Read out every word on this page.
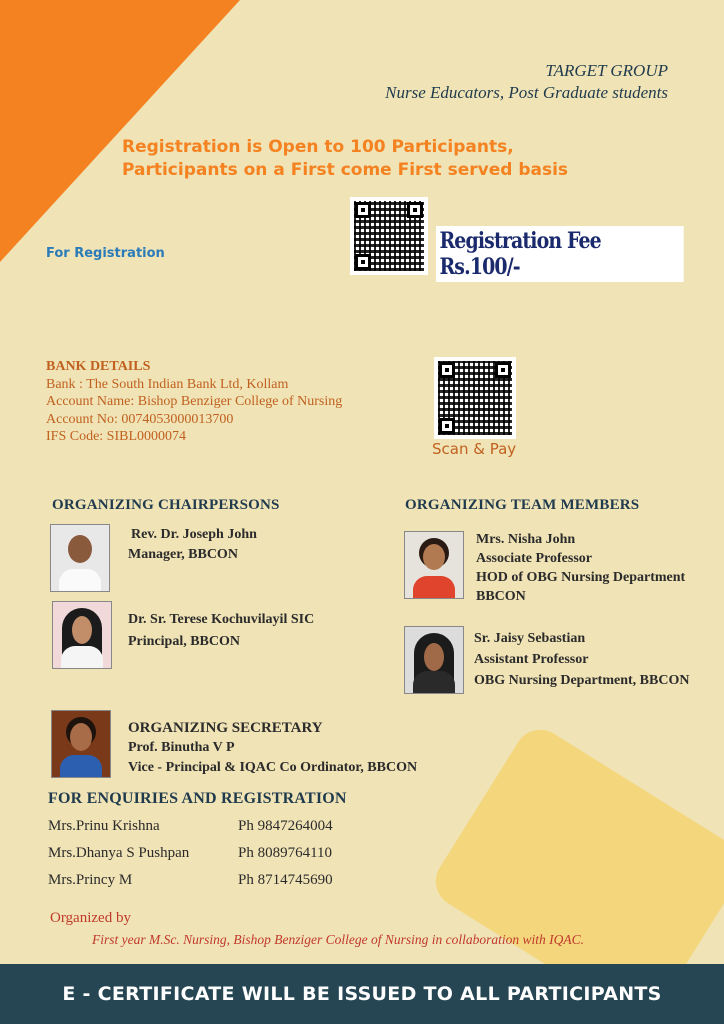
TARGET GROUP
Nurse Educators, Post Graduate students
Registration is Open to 100 Participants,
Participants on a First come First served basis
For Registration	Registration Fee Rs.100/-
BANK DETAILS
Bank : The South Indian Bank Ltd, Kollam
Account Name: Bishop Benziger College of Nursing
Account No: 0074053000013700
IFS Code: SIBL0000074
Scan & Pay
ORGANIZING CHAIRPERSONS
Rev. Dr. Joseph John
Manager, BBCON
Dr. Sr. Terese Kochuvilayil SIC
Principal, BBCON
ORGANIZING TEAM MEMBERS
Mrs. Nisha John
Associate Professor
HOD of OBG Nursing Department
BBCON
Sr. Jaisy Sebastian
Assistant Professor
OBG Nursing Department, BBCON
ORGANIZING SECRETARY
Prof. Binutha V P
Vice - Principal & IQAC Co Ordinator, BBCON
FOR ENQUIRIES AND REGISTRATION
Mrs.Prinu Krishna	Ph 9847264004
Mrs.Dhanya S Pushpan	Ph 8089764110
Mrs.Princy M	Ph 8714745690
Organized by
First year M.Sc. Nursing, Bishop Benziger College of Nursing in collaboration with IQAC.
E - CERTIFICATE WILL BE ISSUED TO ALL PARTICIPANTS
